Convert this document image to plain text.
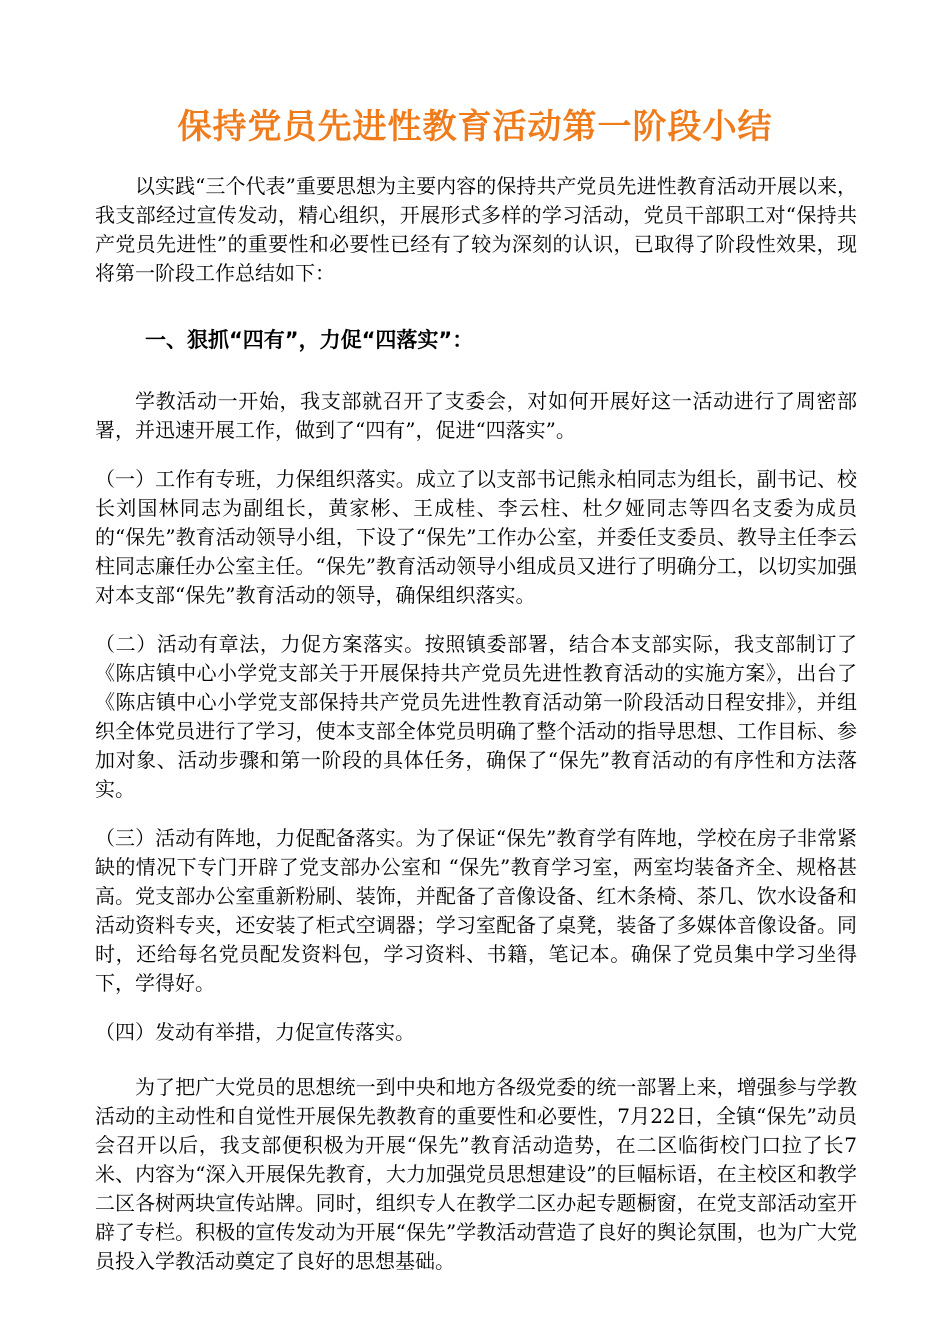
保持党员先进性教育活动第一阶段小结

以实践“三个代表”重要思想为主要内容的保持共产党员先进性教育活动开展以来，我支部经过宣传发动，精心组织，开展形式多样的学习活动，党员干部职工对“保持共产党员先进性”的重要性和必要性已经有了较为深刻的认识，已取得了阶段性效果，现将第一阶段工作总结如下：

一、狠抓“四有”，力促“四落实”：

学教活动一开始，我支部就召开了支委会，对如何开展好这一活动进行了周密部署，并迅速开展工作，做到了“四有”，促进“四落实”。

（一）工作有专班，力保组织落实。成立了以支部书记熊永柏同志为组长，副书记、校长刘国林同志为副组长，黄家彬、王成桂、李云柱、杜夕娅同志等四名支委为成员的“保先”教育活动领导小组，下设了“保先”工作办公室，并委任支委员、教导主任李云柱同志廉任办公室主任。“保先”教育活动领导小组成员又进行了明确分工，以切实加强对本支部“保先”教育活动的领导，确保组织落实。

（二）活动有章法，力促方案落实。按照镇委部署，结合本支部实际，我支部制订了《陈店镇中心小学党支部关于开展保持共产党员先进性教育活动的实施方案》，出台了《陈店镇中心小学党支部保持共产党员先进性教育活动第一阶段活动日程安排》，并组织全体党员进行了学习，使本支部全体党员明确了整个活动的指导思想、工作目标、参加对象、活动步骤和第一阶段的具体任务，确保了“保先”教育活动的有序性和方法落实。

（三）活动有阵地，力促配备落实。为了保证“保先”教育学有阵地，学校在房子非常紧缺的情况下专门开辟了党支部办公室和 “保先”教育学习室，两室均装备齐全、规格甚高。党支部办公室重新粉刷、装饰，并配备了音像设备、红木条椅、茶几、饮水设备和活动资料专夹，还安装了柜式空调器；学习室配备了桌凳，装备了多媒体音像设备。同时，还给每名党员配发资料包，学习资料、书籍，笔记本。确保了党员集中学习坐得下，学得好。

（四）发动有举措，力促宣传落实。

为了把广大党员的思想统一到中央和地方各级党委的统一部署上来，增强参与学教活动的主动性和自觉性开展保先教教育的重要性和必要性，7月22日，全镇“保先”动员会召开以后，我支部便积极为开展“保先”教育活动造势，在二区临街校门口拉了长7米、内容为“深入开展保先教育，大力加强党员思想建设”的巨幅标语，在主校区和教学二区各树两块宣传站牌。同时，组织专人在教学二区办起专题橱窗，在党支部活动室开辟了专栏。积极的宣传发动为开展“保先”学教活动营造了良好的舆论氛围，也为广大党员投入学教活动奠定了良好的思想基础。
